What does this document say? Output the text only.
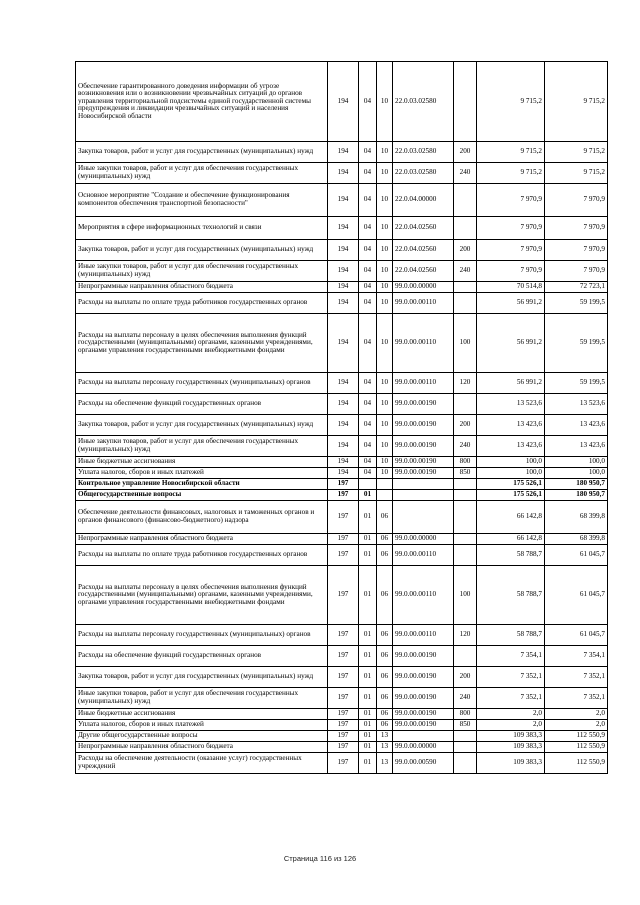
Обеспечение гарантированного доведения информации об угрозе возникновения или о возникновении чрезвычайных ситуаций до органов управления территориальной подсистемы единой государственной системы предупреждения и ликвидации чрезвычайных ситуаций и населения Новосибирской области	194	04	10	22.0.03.02580		9 715,2	9 715,2
Закупка товаров, работ и услуг для государственных (муниципальных) нужд	194	04	10	22.0.03.02580	200	9 715,2	9 715,2
Иные закупки товаров, работ и услуг для обеспечения государственных (муниципальных) нужд	194	04	10	22.0.03.02580	240	9 715,2	9 715,2
Основное мероприятие "Создание и обеспечение функционирования компонентов обеспечения транспортной безопасности"	194	04	10	22.0.04.00000		7 970,9	7 970,9
Мероприятия в сфере информационных технологий и связи	194	04	10	22.0.04.02560		7 970,9	7 970,9
Закупка товаров, работ и услуг для государственных (муниципальных) нужд	194	04	10	22.0.04.02560	200	7 970,9	7 970,9
Иные закупки товаров, работ и услуг для обеспечения государственных (муниципальных) нужд	194	04	10	22.0.04.02560	240	7 970,9	7 970,9
Непрограммные направления областного бюджета	194	04	10	99.0.00.00000		70 514,8	72 723,1
Расходы на выплаты по оплате труда работников государственных органов	194	04	10	99.0.00.00110		56 991,2	59 199,5
Расходы на выплаты персоналу в целях обеспечения выполнения функций государственными (муниципальными) органами, казенными учреждениями, органами управления государственными внебюджетными фондами	194	04	10	99.0.00.00110	100	56 991,2	59 199,5
Расходы на выплаты персоналу государственных (муниципальных) органов	194	04	10	99.0.00.00110	120	56 991,2	59 199,5
Расходы на обеспечение функций государственных органов	194	04	10	99.0.00.00190		13 523,6	13 523,6
Закупка товаров, работ и услуг для государственных (муниципальных) нужд	194	04	10	99.0.00.00190	200	13 423,6	13 423,6
Иные закупки товаров, работ и услуг для обеспечения государственных (муниципальных) нужд	194	04	10	99.0.00.00190	240	13 423,6	13 423,6
Иные бюджетные ассигнования	194	04	10	99.0.00.00190	800	100,0	100,0
Уплата налогов, сборов и иных платежей	194	04	10	99.0.00.00190	850	100,0	100,0
Контрольное управление Новосибирской области	197					175 526,1	180 950,7
Общегосударственные вопросы	197	01				175 526,1	180 950,7
Обеспечение деятельности финансовых, налоговых и таможенных органов и органов финансового (финансово-бюджетного) надзора	197	01	06			66 142,8	68 399,8
Непрограммные направления областного бюджета	197	01	06	99.0.00.00000		66 142,8	68 399,8
Расходы на выплаты по оплате труда работников государственных органов	197	01	06	99.0.00.00110		58 788,7	61 045,7
Расходы на выплаты персоналу в целях обеспечения выполнения функций государственными (муниципальными) органами, казенными учреждениями, органами управления государственными внебюджетными фондами	197	01	06	99.0.00.00110	100	58 788,7	61 045,7
Расходы на выплаты персоналу государственных (муниципальных) органов	197	01	06	99.0.00.00110	120	58 788,7	61 045,7
Расходы на обеспечение функций государственных органов	197	01	06	99.0.00.00190		7 354,1	7 354,1
Закупка товаров, работ и услуг для государственных (муниципальных) нужд	197	01	06	99.0.00.00190	200	7 352,1	7 352,1
Иные закупки товаров, работ и услуг для обеспечения государственных (муниципальных) нужд	197	01	06	99.0.00.00190	240	7 352,1	7 352,1
Иные бюджетные ассигнования	197	01	06	99.0.00.00190	800	2,0	2,0
Уплата налогов, сборов и иных платежей	197	01	06	99.0.00.00190	850	2,0	2,0
Другие общегосударственные вопросы	197	01	13			109 383,3	112 550,9
Непрограммные направления областного бюджета	197	01	13	99.0.00.00000		109 383,3	112 550,9
Расходы на обеспечение деятельности (оказание услуг) государственных учреждений	197	01	13	99.0.00.00590		109 383,3	112 550,9
Страница 116 из 126
